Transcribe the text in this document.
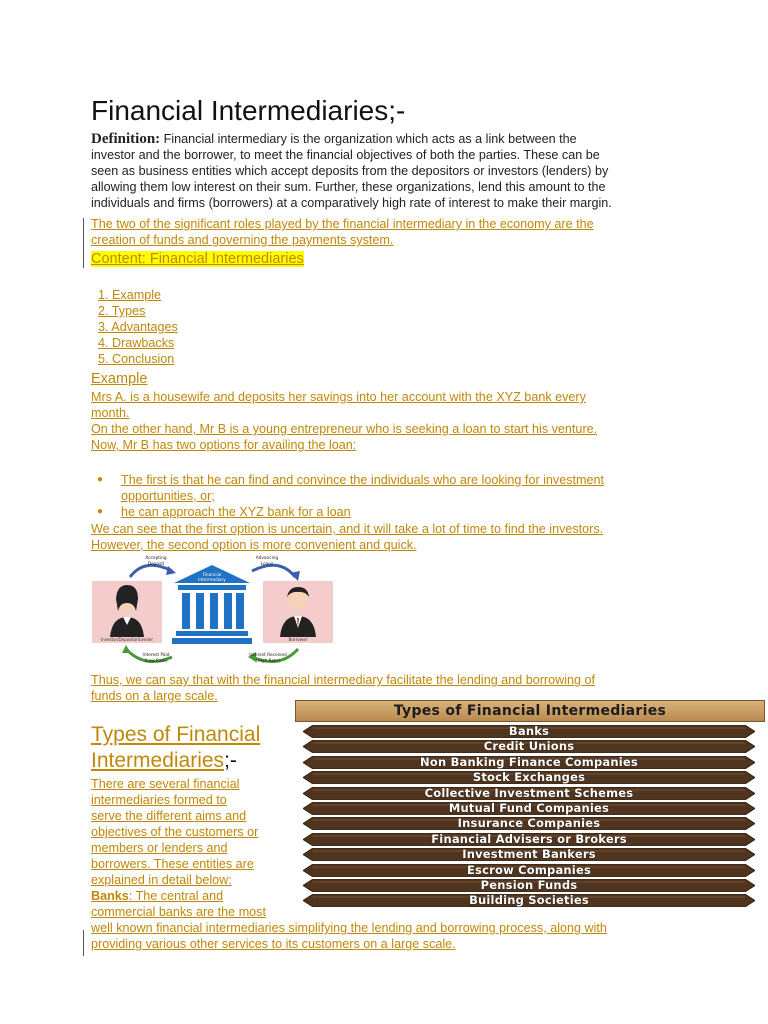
Financial Intermediaries;-
Definition: Financial intermediary is the organization which acts as a link between the
investor and the borrower, to meet the financial objectives of both the parties. These can be
seen as business entities which accept deposits from the depositors or investors (lenders) by
allowing them low interest on their sum. Further, these organizations, lend this amount to the
individuals and firms (borrowers) at a comparatively high rate of interest to make their margin.
The two of the significant roles played by the financial intermediary in the economy are the
creation of funds and governing the payments system.
Content: Financial Intermediaries
1. Example
2. Types
3. Advantages
4. Drawbacks
5. Conclusion
Example
Mrs A. is a housewife and deposits her savings into her account with the XYZ bank every
month.
On the other hand, Mr B is a young entrepreneur who is seeking a loan to start his venture.
Now, Mr B has two options for availing the loan:
● The first is that he can find and convince the individuals who are looking for investment
opportunities, or;
● he can approach the XYZ bank for a loan
We can see that the first option is uncertain, and it will take a lot of time to find the investors.
However, the second option is more convenient and quick.
Investor/Depositor/Lender	Borrower
Financial
Intermediary
Accepting
Deposit
Advancing
Loans
Interest Paid
(Low Rate)
Interest Received
(High Rate)
Thus, we can say that with the financial intermediary facilitate the lending and borrowing of
funds on a large scale.
Types of Financial
Intermediaries;-
There are several financial
intermediaries formed to
serve the different aims and
objectives of the customers or
members or lenders and
borrowers. These entities are
explained in detail below:
Banks: The central and
commercial banks are the most
well known financial intermediaries simplifying the lending and borrowing process, along with
providing various other services to its customers on a large scale.
Types of Financial Intermediaries
Banks
Credit Unions
Non Banking Finance Companies
Stock Exchanges
Collective Investment Schemes
Mutual Fund Companies
Insurance Companies
Financial Advisers or Brokers
Investment Bankers
Escrow Companies
Pension Funds
Building Societies
